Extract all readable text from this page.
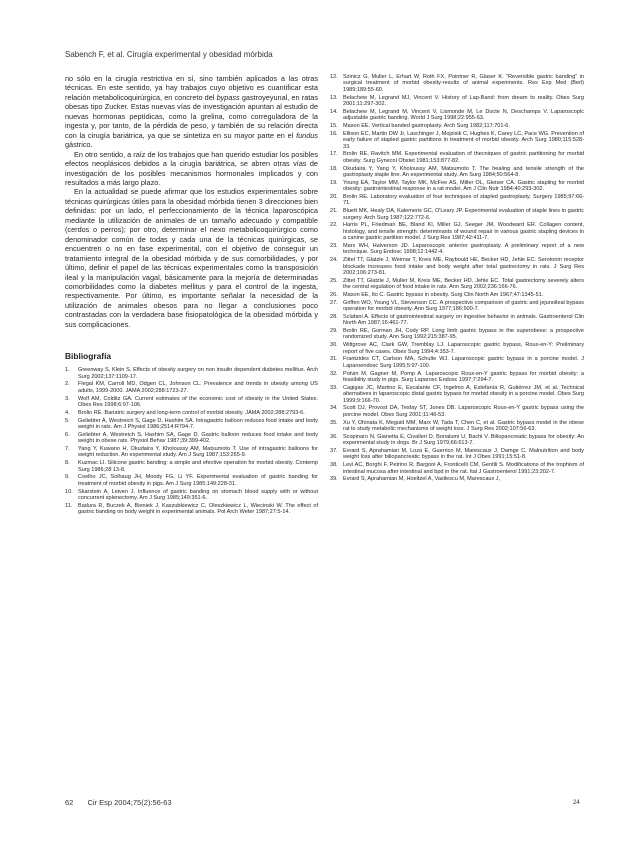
Sabench F, et al. Cirugía experimental y obesidad mórbida

no sólo en la cirugía restrictiva en sí, sino también aplicados a las otras técnicas. En este sentido, ya hay trabajos cuyo objetivo es cuantificar esta relación metabolicoquirúrgica, en concreto del bypass gastroyeyunal, en ratas obesas tipo Zucker. Estas nuevas vías de investigación apuntan al estudio de nuevas hormonas peptídicas, como la grelina, como correguladora de la ingesta y, por tanto, de la pérdida de peso, y también de su relación directa con la cirugía bariátrica, ya que se sintetiza en su mayor parte en el fundus gástrico.

En otro sentido, a raíz de los trabajos que han querido estudiar los posibles efectos neoplásicos debidos a la cirugía bariátrica, se abren otras vías de investigación de los posibles mecanismos hormonales implicados y con resultados a más largo plazo.

En la actualidad se puede afirmar que los estudios experimentales sobre técnicas quirúrgicas útiles para la obesidad mórbida tienen 3 direcciones bien definidas: por un lado, el perfeccionamiento de la técnica laparoscópica mediante la utilización de animales de un tamaño adecuado y compatible (cerdos o perros); por otro, determinar el nexo metabolicoquirúrgico como denominador común de todas y cada una de la técnicas quirúrgicas, se encuentren o no en fase experimental, con el objetivo de conseguir un tratamiento integral de la obesidad mórbida y de sus comorbilidades, y por último, definir el papel de las técnicas experimentales como la transposición ileal y la manipulación vagal, básicamente para la mejoría de determinadas comorbilidades como la diabetes mellitus y para el control de la ingesta, respectivamente. Por último, es importante señalar la necesidad de la utilización de animales obesos para no llegar a conclusiones poco contrastadas con la verdadera base fisiopatológica de la obesidad mórbida y sus complicaciones.

Bibliografía
1. Greenway S, Klein S. Effects of obesity surgery on non insulin dependent diabetes mellitus. Arch Surg 2002;137:1109-17.
2. Flegal KM, Carroll MD, Odgen CL, Johnson CL. Prevalence and trends in obesity among US adults, 1999-2000. JAMA 2002;288:1723-27.
3. Wolf AM, Colditz GA. Current estimates of the economic cost of obesity in the United States. Obes Res 1998;6:97-106.
4. Brolin RE. Bariatric surgery and long-term control of morbid obesity. JAMA 2002;288:2793-6.
5. Geliebter A, Westreich S, Gage D, Hashim SA. Intragastric balloon reduces food intake and body weight in rats. Am J Physiol 1986;2514:R794-7.
6. Geliebter A, Westreich S, Hashim SA, Gage D. Gastric balloon reduces food intake and body weight in obese rats. Physiol Behav 1987;39:399-402.
7. Yang Y, Kuwano H, Okudaira Y, Kholoussy AM, Matsumoto T. Use of intragastric balloons for weight reduction. An experimental study. Am J Surg 1987;153:265-9.
8. Kuzmac LI. Silicone gastric banding: a simple and efective operation for morbid obesity. Contemp Surg 1986;28:13-8.
9. Coelho JC, Solhaug JH, Moody FG, Li YF. Experimental evaluation of gastric banding for treatment of morbid obesity in pigs. Am J Surg 1985;149:228-31.
10. Skarstein A, Leiven J. Influence of gastric banding on stomach blood supply with or without concurrent splenectomy. Am J Surg 1985;149:351-6.
11. Badura R, Buczek A, Bieniek J, Kaszubkiewicz C, Oleszkiewicz L, Wiecinski W. The effect of gastric banding on body weight in experimental animals. Pol Arch Weter 1987;27:5-14.
12. Szinicz G, Muller L, Erhart W, Roth FX, Pointner R, Glaser K. “Reversible gastric banding” in surgical treatment of morbid obesity-results of animal experiments. Res Exp Med (Berl) 1989;189:55-60.
13. Belachew M, Legrand MJ, Vincent V. History of Lap-Band: from dream to reality. Obes Surg 2001;11:297-302.
14. Belachew M, Legrand M, Vincent V, Lismonde M, Le Docte N, Deschamps V. Laparoscopic adjustable gastric banding. World J Surg 1998;22:955-63.
15. Mason EE. Vertical banded gastroplasty. Arch Surg 1982;117:701-6.
16. Ellison EC, Martin DW Jr, Laschinger J, Mojzisik C, Hughes K, Carey LC, Pace WG. Prevention of early failure of stapled gastric partitions in treatment of morbid obesity. Arch Surg 1980;115:528-33.
17. Brolin RE, Ravitch MM. Experimental evaluation of thecniques of gastric partitioning for morbid obesity. Surg Gynecol Obstet 1981;153:877-82.
18. Okudaira Y, Yang Y, Kholoussy AM, Matsumoto T. The healing and tensile strength of the gastroplasty staple line. An experimental study. Am Surg 1984;50:564-8.
19. Young EA, Taylor MM, Taylor MK, McFee AS, Miller OL, Gleiser CA. Gastric stapling for morbid obesity: gastrointestinal response in a rat model. Am J Clin Nutr 1984;40:293-302.
20. Brolin RE. Laboratory evaluation of four techniques of stapled gastroplasty. Surgery 1985;97:66-71.
21. Bluett MK, Healy DA, Kalemeris GC, O'Leary JP. Experimental evaluation of staple lines in gastric surgery. Arch Surg 1987;122:772-6.
22. Harris PL, Friedman BE, Bland KI, Miller GJ, Seeger JM, Woodward ER. Collagen content, histology, and tensile strength: determinants of wound repair in various gastric stapling devices in a canine gastric partition model. J Surg Res 1987;42:411-7.
23. Marx WH, Halverson JD. Laparoscopic anterior gastroplasty. A preliminary report of a new technique. Surg Endosc 1998;12:1442-4.
24. Zittel TT, Glatzle J, Weimar T, Kreis ME, Raybould HE, Becker HD, Jehle EC. Serotonin receptor blockade increases food intake and body weight after total gastrectomy in rats. J Surg Res 2002;106:273-81.
25. Zittel TT, Glatzle J, Muller M, Kreis ME, Becker HD, Jehle EC. Total gastrectomy severely alters the central regulation of food intake in rats. Ann Surg 2002;236:166-76.
26. Mason EE, Ito C. Gastric bypass in obesity. Surg Clin North Am 1967;47:1345-51.
27. Griffen WO, Young VL, Stevenson CC. A prospective comparison of gastric and jejunoileal bypass operation for morbid obesity. Ann Surg 1977;186:500-7.
28. Sclafani A. Effects of gastrointestinal surgery on ingestive behavior in animals. Gastroenterol Clin North Am 1987;16:461-77.
29. Brolin RE, Gorman JH, Cody RP. Long limb gastric bypass in the superobese: a prospective randomized study. Ann Surg 1992;215:387-95.
30. Wittgrove AC, Clark GW, Tremblay LJ. Laparoscopic gastric bypass, Roux-en-Y: Preliminary report of five cases. Obes Surg 1994;4:353-7.
31. Frantzides CT, Carlson MA, Schulte WJ. Laparoscopic gastric bypass in a porcine model. J Laparoendosc Surg 1995;5:97-100.
32. Potvin M, Gagner M, Pomp A. Laparoscopic Roux-en-Y gastric bypass for morbid obesity: a feasibility study in pigs. Surg Laparosc Endosc 1997;7:294-7.
33. Cagigas JC, Martino E, Escalante CF, Ingelmo A, Estefanía R, Gutiérrez JM, et al. Technical alternatives in laparoscopic distal gastric bypass for morbid obesity in a porcine model. Obes Surg 1999;9:166-70.
34. Scott DJ, Provost DA, Tesfay ST, Jones DB. Laparoscopic Roux-en-Y gastric bypass using the porcine model. Obes Surg 2001;11:46-53.
35. Xu Y, Ohinata K, Meguid MM, Marx W, Tada T, Chen C, et al. Gastric bypass model in the obese rat to study metabolic mechanisms of weight loss. J Surg Res 2002;107:56-63.
36. Scopinaro N, Gianetta E, Civalleri D, Bonalumi U, Bachi V. Biliopancreatic bypass for obesity: An experimental study in dogs. Br J Surg 1979;66:613-7.
37. Evrard S, Aprahamian M, Loza E, Guerrico M, Marescaux J, Damge C. Malnutrition and body weight loss after biliopancreatic bypass in the rat. Int J Obes 1991;15:51-8.
38. Levi AC, Borghi F, Petrino R, Bargoni A, Fronticelli CM, Gentili S. Modifications of the trophism of intestinal mucosa after intestinal and bpd in the rat. Ital J Gastroenterol 1991;23:202-7.
39. Evrard S, Aprahamian M, Hoeltzel A, Vasilescu M, Marescaux J,
62 Cir Esp 2004;75(2):56-63	24
